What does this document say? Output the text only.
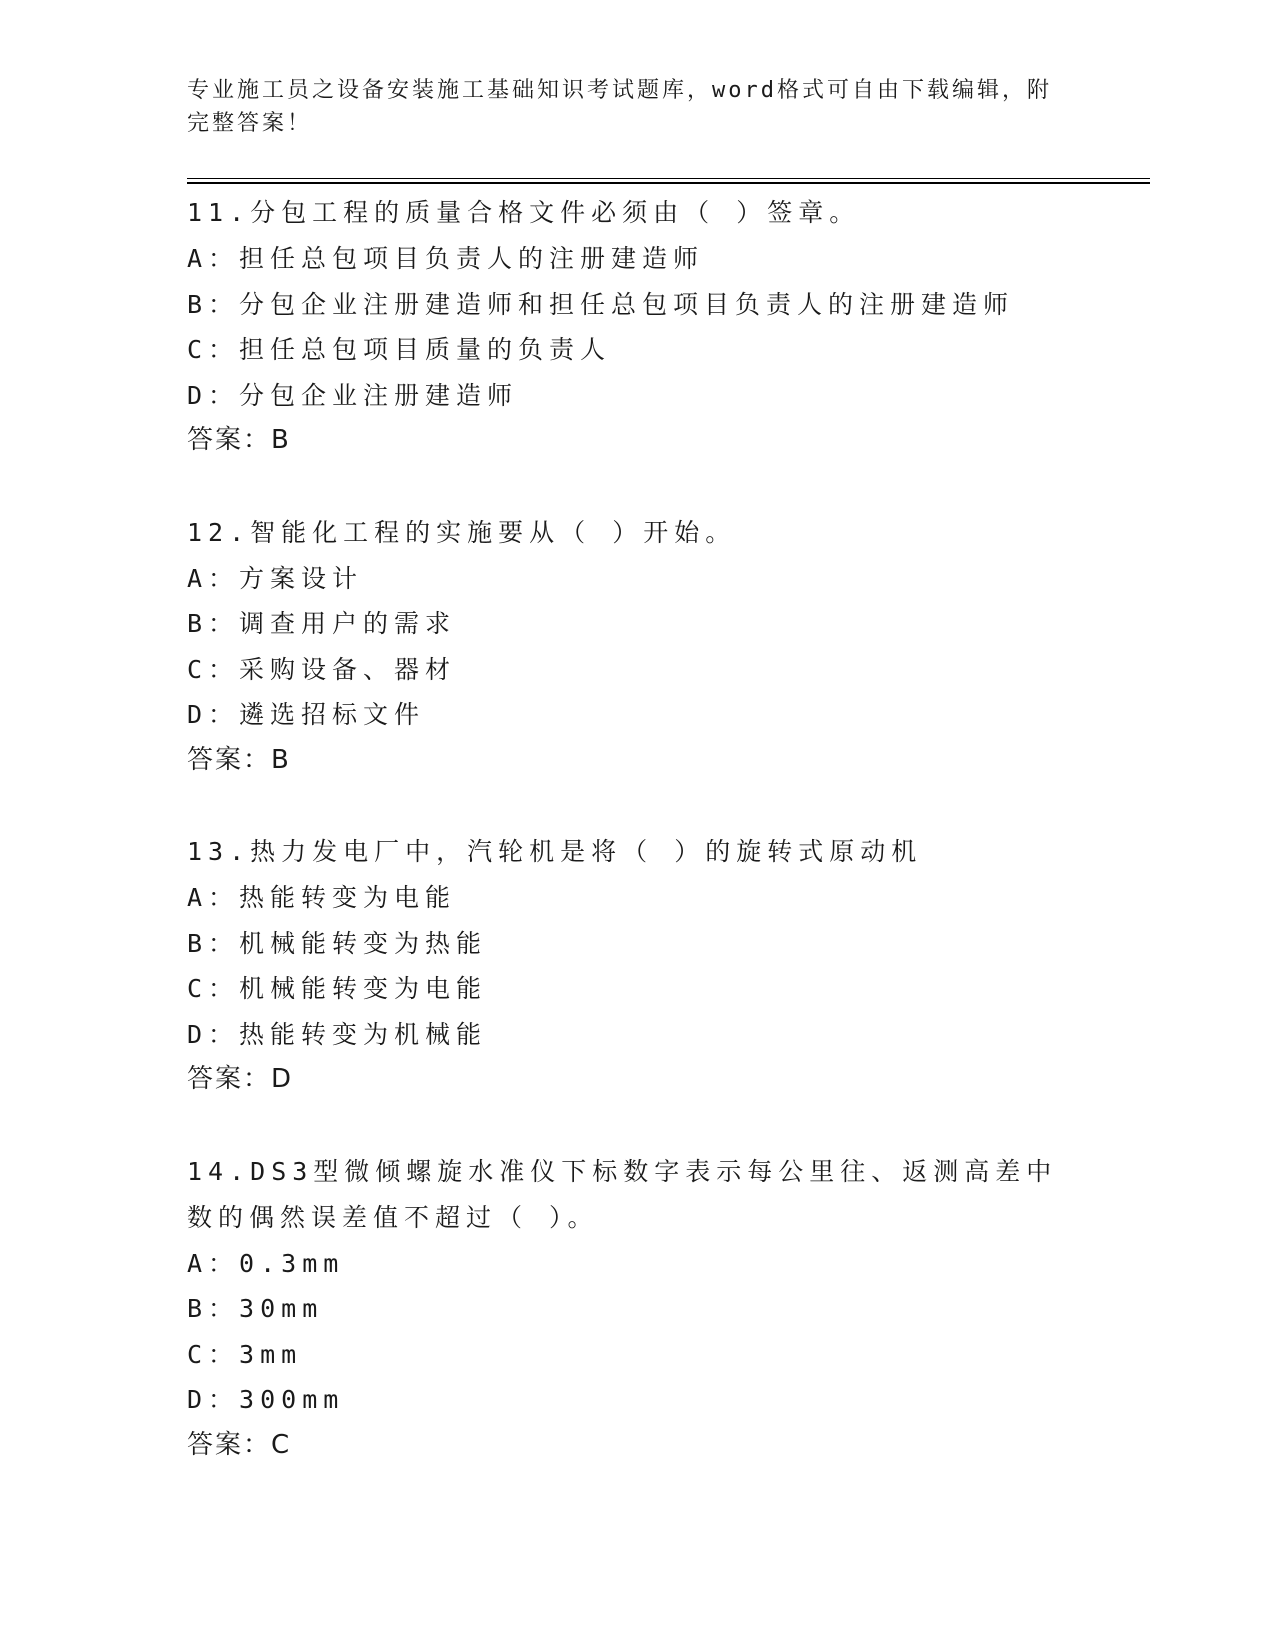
专业施工员之设备安装施工基础知识考试题库，word格式可自由下载编辑，附完整答案！
11.分包工程的质量合格文件必须由（ ）签章。
A：担任总包项目负责人的注册建造师
B：分包企业注册建造师和担任总包项目负责人的注册建造师
C：担任总包项目质量的负责人
D：分包企业注册建造师
答案：B
12.智能化工程的实施要从（ ）开始。
A：方案设计
B：调查用户的需求
C：采购设备、器材
D：遴选招标文件
答案：B
13.热力发电厂中，汽轮机是将（ ）的旋转式原动机
A：热能转变为电能
B：机械能转变为热能
C：机械能转变为电能
D：热能转变为机械能
答案：D
14.DS3型微倾螺旋水准仪下标数字表示每公里往、返测高差中数的偶然误差值不超过（ ）。
A：0.3mm
B：30mm
C：3mm
D：300mm
答案：C
